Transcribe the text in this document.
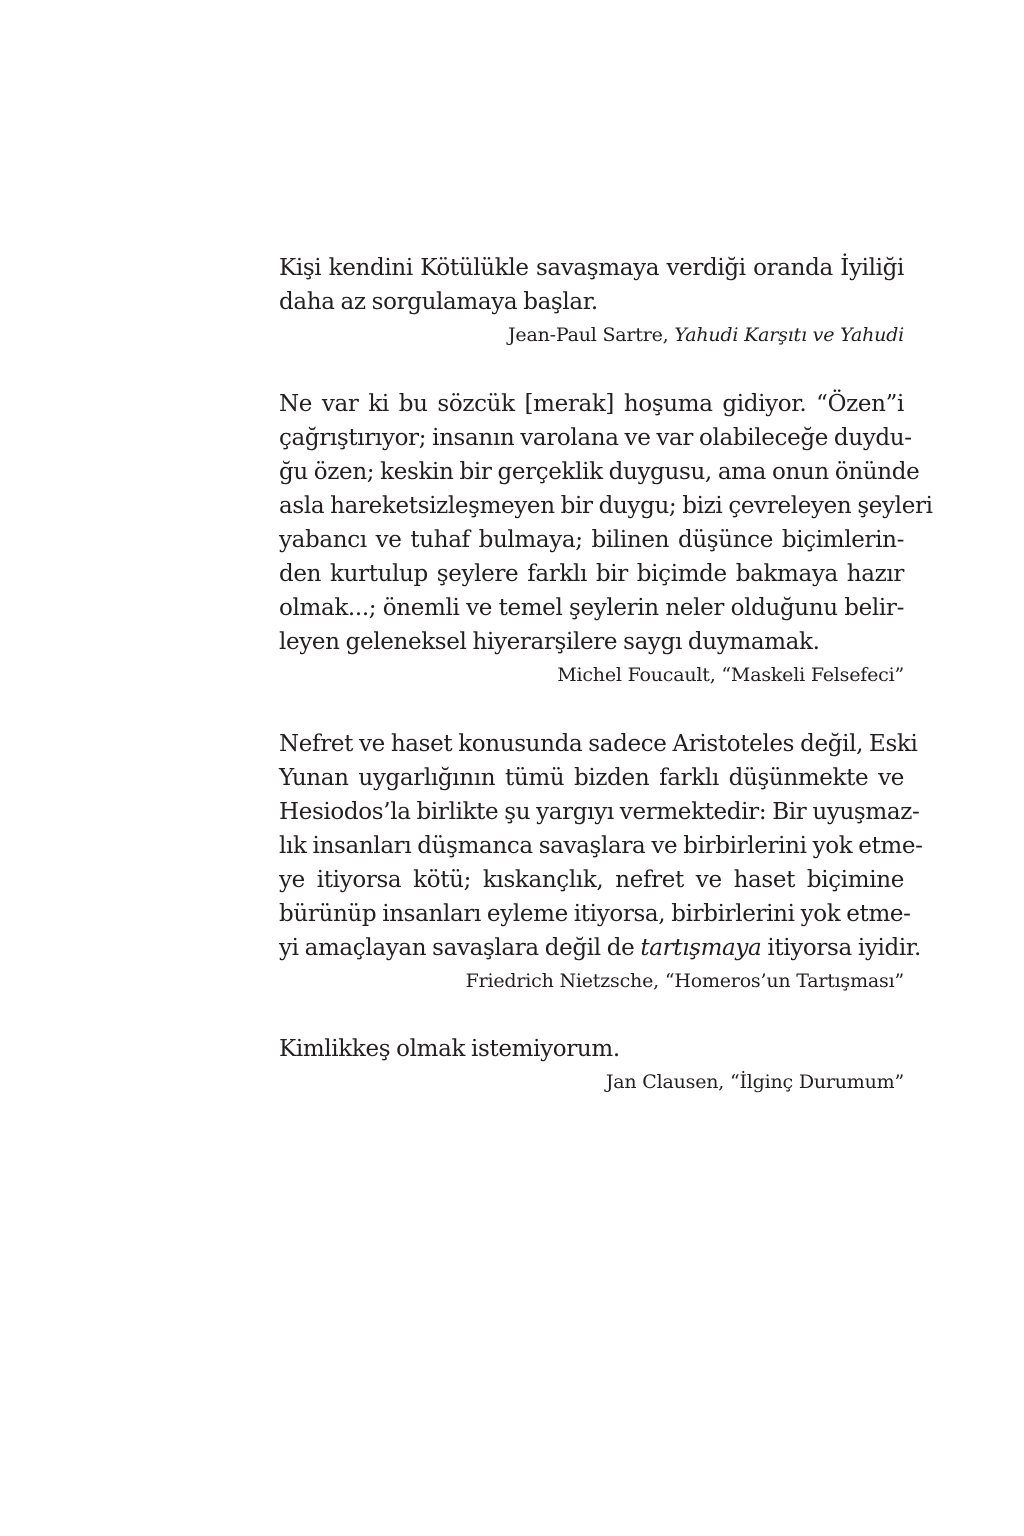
Kişi kendini Kötülükle savaşmaya verdiği oranda İyiliği
daha az sorgulamaya başlar.
Jean-Paul Sartre, Yahudi Karşıtı ve Yahudi
Ne var ki bu sözcük [merak] hoşuma gidiyor. “Özen”i
çağrıştırıyor; insanın varolana ve var olabileceğe duydu-
ğu özen; keskin bir gerçeklik duygusu, ama onun önünde
asla hareketsizleşmeyen bir duygu; bizi çevreleyen şeyleri
yabancı ve tuhaf bulmaya; bilinen düşünce biçimlerin-
den kurtulup şeylere farklı bir biçimde bakmaya hazır
olmak...; önemli ve temel şeylerin neler olduğunu belir-
leyen geleneksel hiyerarşilere saygı duymamak.
Michel Foucault, “Maskeli Felsefeci”
Nefret ve haset konusunda sadece Aristoteles değil, Eski
Yunan uygarlığının tümü bizden farklı düşünmekte ve
Hesiodos’la birlikte şu yargıyı vermektedir: Bir uyuşmaz-
lık insanları düşmanca savaşlara ve birbirlerini yok etme-
ye itiyorsa kötü; kıskançlık, nefret ve haset biçimine
bürünüp insanları eyleme itiyorsa, birbirlerini yok etme-
yi amaçlayan savaşlara değil de tartışmaya itiyorsa iyidir.
Friedrich Nietzsche, “Homeros’un Tartışması”
Kimlikkeş olmak istemiyorum.
Jan Clausen, “İlginç Durumum”
